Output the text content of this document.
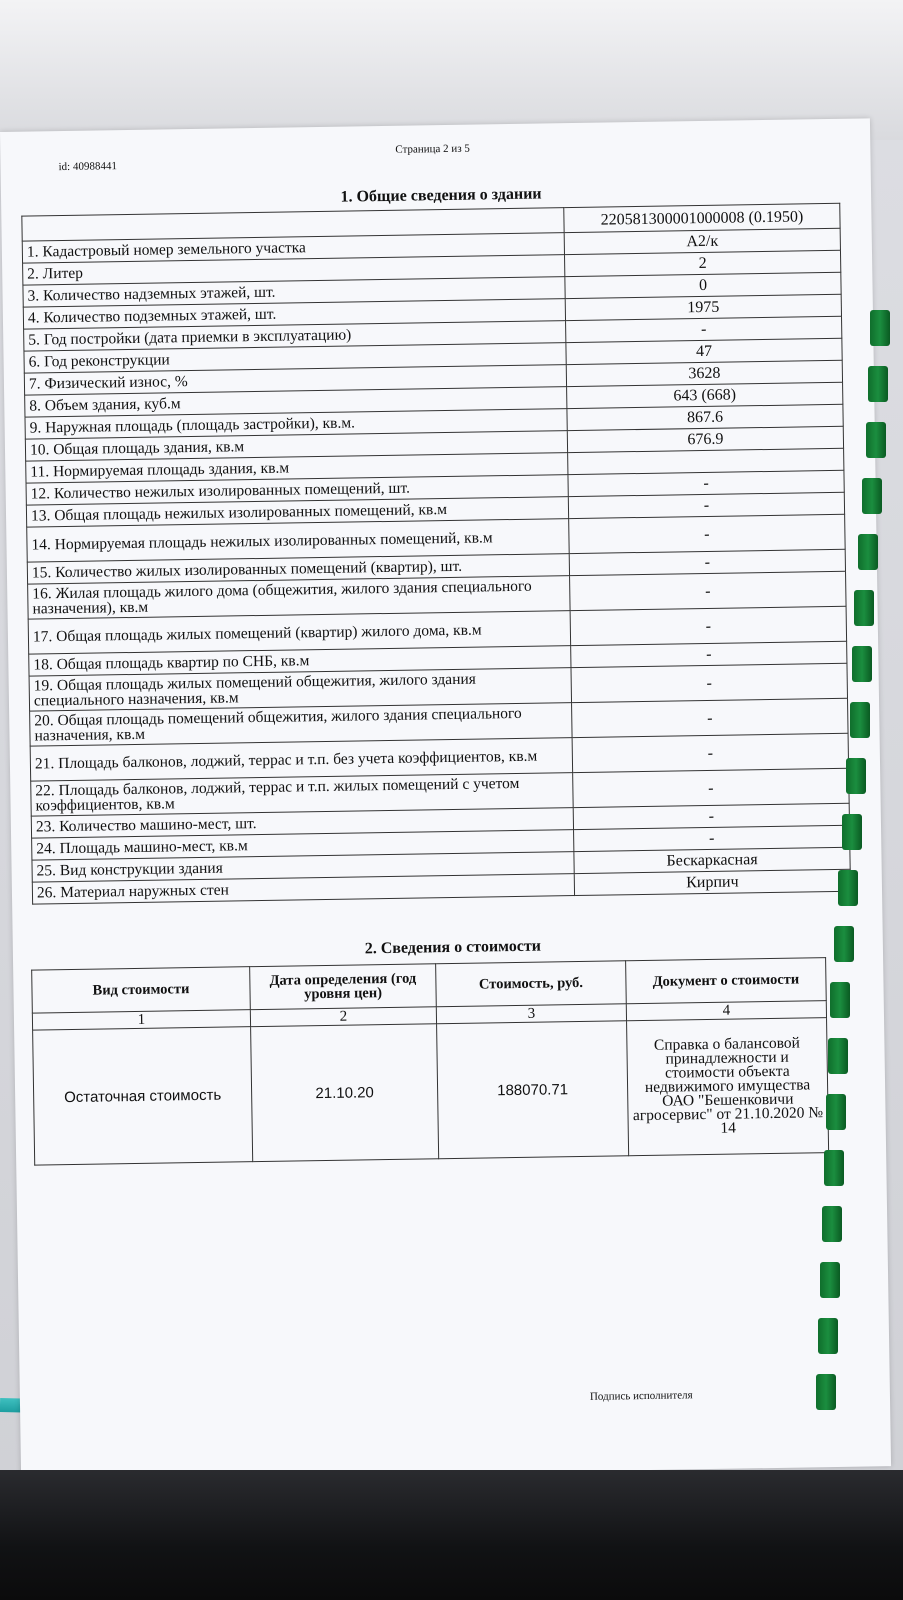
id: 40988441
Страница 2 из 5
1. Общие сведения о здании
	220581300001000008 (0.1950)
1. Кадастровый номер земельного участка	А2/к
2. Литер	2
3. Количество надземных этажей, шт.	0
4. Количество подземных этажей, шт.	1975
5. Год постройки (дата приемки в эксплуатацию)	-
6. Год реконструкции	47
7. Физический износ, %	3628
8. Объем здания, куб.м	643 (668)
9. Наружная площадь (площадь застройки), кв.м.	867.6
10. Общая площадь здания, кв.м	676.9
11. Нормируемая площадь здания, кв.м	
12. Количество нежилых изолированных помещений, шт.	-
13. Общая площадь нежилых изолированных помещений, кв.м	-
14. Нормируемая площадь нежилых изолированных помещений, кв.м	-
15. Количество жилых изолированных помещений (квартир), шт.	-
16. Жилая площадь жилого дома (общежития, жилого здания специального назначения), кв.м	-
17. Общая площадь жилых помещений (квартир) жилого дома, кв.м	-
18. Общая площадь квартир по СНБ, кв.м	-
19. Общая площадь жилых помещений общежития, жилого здания специального назначения, кв.м	-
20. Общая площадь помещений общежития, жилого здания специального назначения, кв.м	-
21. Площадь балконов, лоджий, террас и т.п. без учета коэффициентов, кв.м	-
22. Площадь балконов, лоджий, террас и т.п. жилых помещений с учетом коэффициентов, кв.м	-
23. Количество машино-мест, шт.	-
24. Площадь машино-мест, кв.м	-
25. Вид конструкции здания	Бескаркасная
26. Материал наружных стен	Кирпич
2. Сведения о стоимости
Вид стоимости	Дата определения (год уровня цен)	Стоимость, руб.	Документ о стоимости
1	2	3	4
Остаточная стоимость	21.10.20	188070.71	Справка о балансовой принадлежности и стоимости объекта недвижимого имущества ОАО "Бешенковичи агросервис" от 21.10.2020 № 14
Подпись исполнителя
